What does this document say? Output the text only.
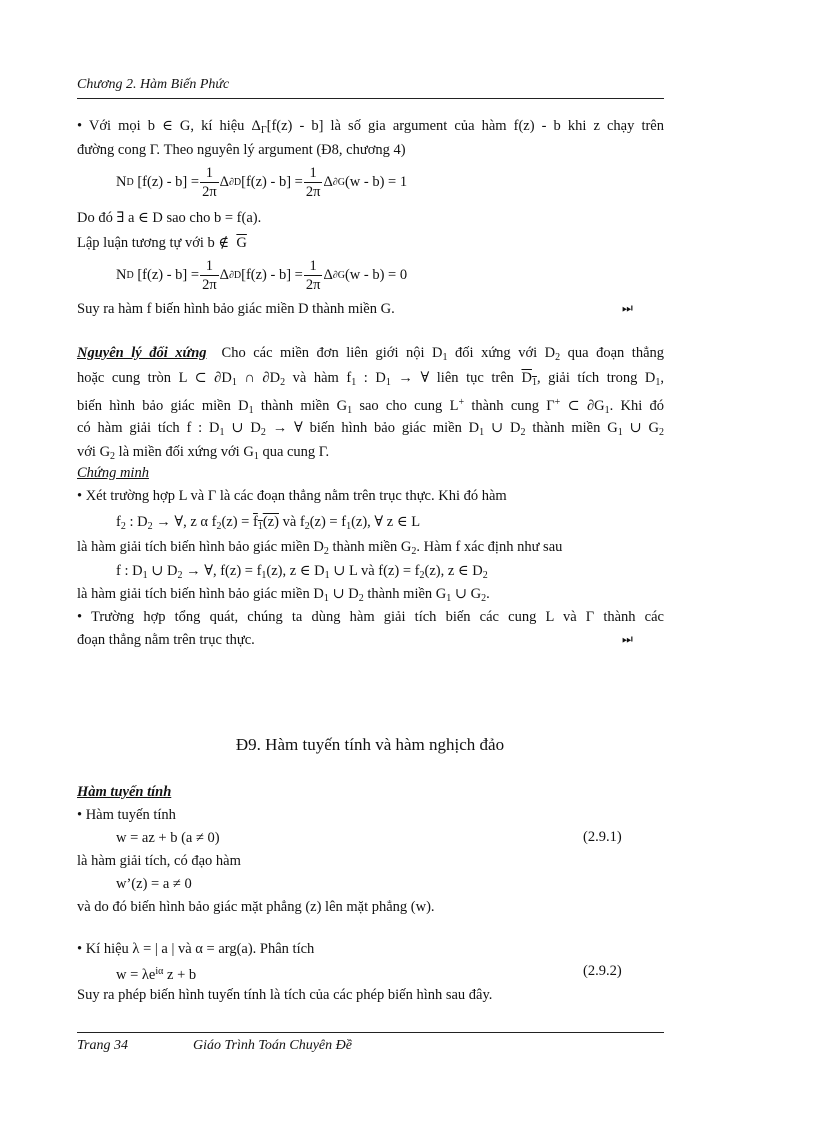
Chương 2. Hàm Biến Phức
• Với mọi b ∈ G, kí hiệu $\Delta_\Gamma[f(z) - b]$ là số gia argument của hàm f(z) - b khi z chạy trên
đường cong Γ. Theo nguyên lý argument (Đ8, chương 4)
N D
$[f(z) - b] = \frac{1}{2\pi}$ Δ ∂D $[f(z) - b] = \frac{1}{2\pi}$ Δ ∂G (w - b) = 1
Do đó ∃ a ∈ D sao cho b = f(a).
Lập luận tương tự với b ∉ $\overline{G}$
N D
$[f(z) - b] = \frac{1}{2\pi}$ Δ ∂D $[f(z) - b] = \frac{1}{2\pi}$ Δ ∂G (w - b) = 0
Suy ra hàm f biến hình bảo giác miền D thành miền G.	⏭
Nguyên lý đối xứng Cho các miền đơn liên giới nội $D_1$ đối xứng với $D_2$ qua đoạn thẳng
hoặc cung tròn L ⊂ $\partial D_1$ ∩ $\partial D_2$ và hàm $f_1$ : $D_1$ → ∀ liên tục trên $D_1$, giải tích trong $D_1$,
biến hình bảo giác miền $D_1$ thành miền $G_1$ sao cho cung L+ thành cung Γ+ ⊂ $\partial G_1$. Khi đó
có hàm giải tích f : $D_1$ ∪ $D_2$ → ∀ biến hình bảo giác miền $D_1$ ∪ $D_2$ thành miền $G_1$ ∪ $G_2$
với $G_2$ là miền đối xứng với $G_1$ qua cung Γ.
Chứng minh
• Xét trường hợp L và Γ là các đoạn thẳng nằm trên trục thực. Khi đó hàm
$f_2$ : $D_2$ → ∀, z α $f_2(z) = f_1(z)$ và $f_2(z) = f_1(z)$, ∀ z ∈ L
là hàm giải tích biến hình bảo giác miền $D_2$ thành miền $G_2$. Hàm f xác định như sau
f : $D_1$ ∪ $D_2$ → ∀, $f(z) = f_1(z)$, z ∈ $D_1$ ∪ L và $f(z) = f_2(z)$, z ∈ $D_2$
là hàm giải tích biến hình bảo giác miền $D_1$ ∪ $D_2$ thành miền $G_1$ ∪ $G_2$.
• Trường hợp tổng quát, chúng ta dùng hàm giải tích biến các cung L và Γ thành các
đoạn thẳng nằm trên trục thực.	⏭
Đ9. Hàm tuyến tính và hàm nghịch đảo
Hàm tuyến tính
• Hàm tuyến tính
w = az + b (a ≠ 0)	(2.9.1)
là hàm giải tích, có đạo hàm
w’(z) = a ≠ 0
và do đó biến hình bảo giác mặt phẳng (z) lên mặt phẳng (w).
• Kí hiệu λ = | a | và α = arg(a). Phân tích
$w = \lambda e^{i\alpha}$ z + b	(2.9.2)
Suy ra phép biến hình tuyến tính là tích của các phép biến hình sau đây.
Trang 34	Giáo Trình Toán Chuyên Đề
